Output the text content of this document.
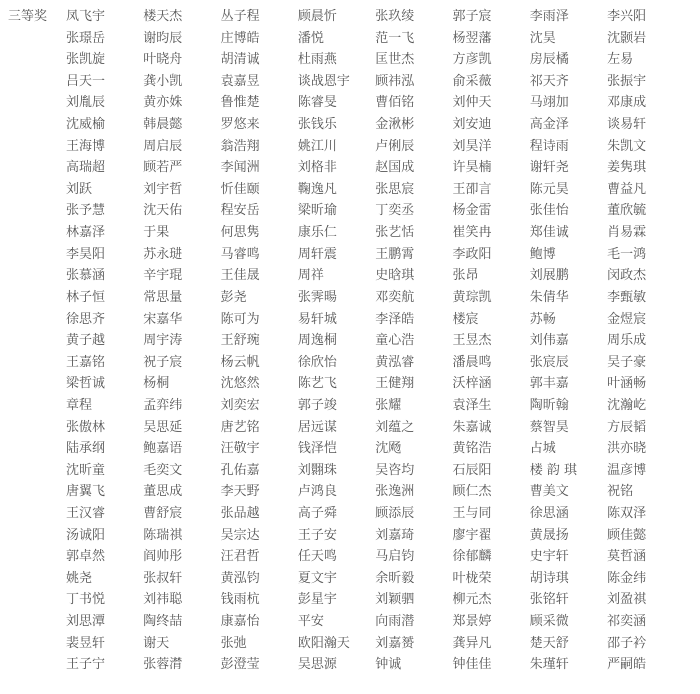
三等奖 凤飞宇	楼天杰	丛子程	顾晨忻	张玖绫	郭子宸	李雨泽	李兴阳
张璟岳	谢昀辰	庄博皓	潘悦	范一飞	杨翌藩	沈昊	沈颢岩
张凯旋	叶晓舟	胡清诚	杜雨燕	匡世杰	方彦凯	房辰橘	左易
吕天一	龚小凯	袁嘉昱	谈战恩宇	顾祎泓	俞采薇	祁天齐	张振宇
刘胤辰	黄亦姝	鲁惟楚	陈睿旻	曹佰铭	刘仲天	马翊加	邓康成
沈威榆	韩晨懿	罗悠来	张钱乐	金湫彬	刘安迪	高金泽	谈易轩
王海博	周启辰	翁浩翔	姚江川	卢俐辰	刘昊洋	程诗雨	朱凯文
高瑞超	顾若严	李闻洲	刘格非	赵国成	许昊楠	谢轩尧	姜隽琪
刘跃	刘宇哲	忻佳颐	鞠逸凡	张思宸	王卲言	陈元昊	曹益凡
张予慧	沈天佑	程安岳	梁昕瑜	丁奕丞	杨金雷	张佳怡	董欣毓
林嘉泽	于果	何思隽	康乐仁	张艺恬	崔笑冉	郑佳诚	肖易霖
李昊阳	苏永琎	马睿鸣	周轩震	王鹏霄	李政阳	鲍博	毛一鸿
张慕涵	辛宇琨	王佳晟	周祥	史晗琪	张昂	刘展鹏	闵政杰
林子恒	常思量	彭尧	张霁暘	邓奕航	黄琮凯	朱倩华	李甄敏
徐思齐	宋嘉华	陈可为	易轩城	李泽皓	楼宸	苏畅	金煜宸
黄子越	周宇涛	王舒琬	周逸桐	童心浩	王昱杰	刘伟嘉	周乐成
王嘉铭	祝子宸	杨云帆	徐欣怡	黄泓睿	潘晨鸣	张宸辰	吴子豪
梁哲诚	杨桐	沈悠然	陈艺飞	王健翔	沃梓涵	郭丰嘉	叶涵畅
章程	孟弈纬	刘奕宏	郭子竣	张耀	袁泽生	陶昕翰	沈瀚屹
张傲林	吴思延	唐艺铭	居远谋	刘蕴之	朱嘉诚	蔡智昊	方辰韬
陆承纲	鲍嘉语	汪敬宇	钱泽恺	沈飏	黄铭浩	占城	洪亦晓
沈昕童	毛奕文	孔佑嘉	刘翾珠	吴咨均	石辰阳	楼 韵 琪	温彦博
唐翼飞	董思成	李天野	卢鸿良	张逸洲	顾仁杰	曹美文	祝铭
王汉睿	曹舒宸	张品越	高子舜	顾添辰	王与同	徐思涵	陈双泽
汤诚阳	陈瑞祺	吴宗达	王子安	刘嘉琦	廖宇翟	黄晟扬	顾佳懿
郭卓然	阎帅彤	汪君哲	任天鸣	马启钧	徐郁麟	史宇轩	莫哲涵
姚尧	张叔轩	黄泓钧	夏文宇	余昕毅	叶栊荣	胡诗琪	陈金纬
丁书悦	刘祎聪	钱雨杭	彭星宇	刘颖驷	柳元杰	张铭轩	刘盈祺
刘思潭	陶终喆	康嘉怡	平安	向雨潜	郑景婷	顾采微	祁奕涵
裴昱轩	谢天	张弛	欧阳瀚天	刘嘉赟	龚异凡	楚天舒	邵子衿
王子宁	张蓉潸	彭澄莹	吴思源	钟诚	钟佳佳	朱瑾轩	严嗣皓
